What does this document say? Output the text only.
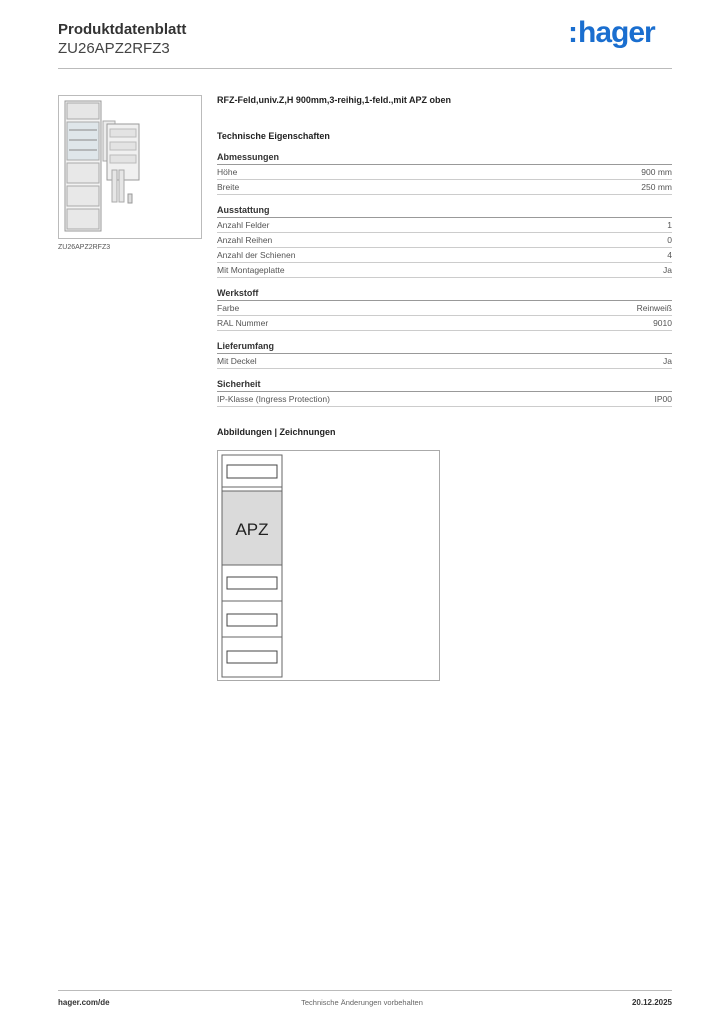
Produktdatenblatt
ZU26APZ2RFZ3	:hager
ZU26APZ2RFZ3
RFZ-Feld,univ.Z,H 900mm,3-reihig,1-feld.,mit APZ oben
Technische Eigenschaften
Abmessungen
Höhe	900 mm
Breite	250 mm
Ausstattung
Anzahl Felder	1
Anzahl Reihen	0
Anzahl der Schienen	4
Mit Montageplatte	Ja
Werkstoff
Farbe	Reinweiß
RAL Nummer	9010
Lieferumfang
Mit Deckel	Ja
Sicherheit
IP-Klasse (Ingress Protection)	IP00
Abbildungen | Zeichnungen
APZ
hager.com/de	Technische Änderungen vorbehalten	20.12.2025
